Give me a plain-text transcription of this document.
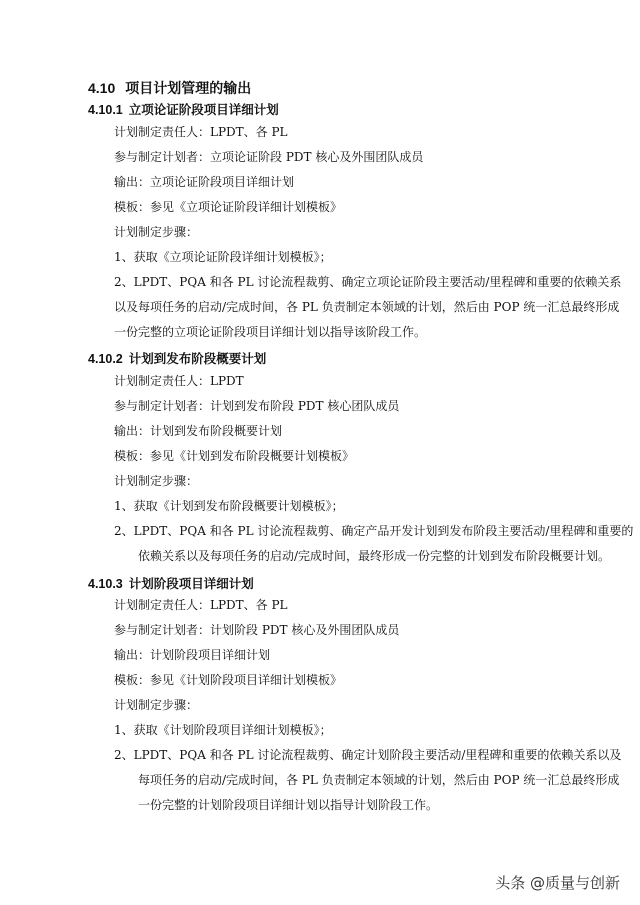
4.10 项目计划管理的输出
4.10.1 立项论证阶段项目详细计划
计划制定责任人：LPDT、各 PL
参与制定计划者：立项论证阶段 PDT 核心及外围团队成员
输出：立项论证阶段项目详细计划
模板：参见《立项论证阶段详细计划模板》
计划制定步骤：
1、获取《立项论证阶段详细计划模板》；
2、LPDT、PQA 和各 PL 讨论流程裁剪、确定立项论证阶段主要活动/里程碑和重要的依赖关系
以及每项任务的启动/完成时间，各 PL 负责制定本领域的计划，然后由 POP 统一汇总最终形成
一份完整的立项论证阶段项目详细计划以指导该阶段工作。
4.10.2 计划到发布阶段概要计划
计划制定责任人：LPDT
参与制定计划者：计划到发布阶段 PDT 核心团队成员
输出：计划到发布阶段概要计划
模板：参见《计划到发布阶段概要计划模板》
计划制定步骤：
1、获取《计划到发布阶段概要计划模板》；
2、LPDT、PQA 和各 PL 讨论流程裁剪、确定产品开发计划到发布阶段主要活动/里程碑和重要的
依赖关系以及每项任务的启动/完成时间，最终形成一份完整的计划到发布阶段概要计划。
4.10.3 计划阶段项目详细计划
计划制定责任人：LPDT、各 PL
参与制定计划者：计划阶段 PDT 核心及外围团队成员
输出：计划阶段项目详细计划
模板：参见《计划阶段项目详细计划模板》
计划制定步骤：
1、获取《计划阶段项目详细计划模板》；
2、LPDT、PQA 和各 PL 讨论流程裁剪、确定计划阶段主要活动/里程碑和重要的依赖关系以及
每项任务的启动/完成时间，各 PL 负责制定本领域的计划，然后由 POP 统一汇总最终形成
一份完整的计划阶段项目详细计划以指导计划阶段工作。
头条 @质量与创新
